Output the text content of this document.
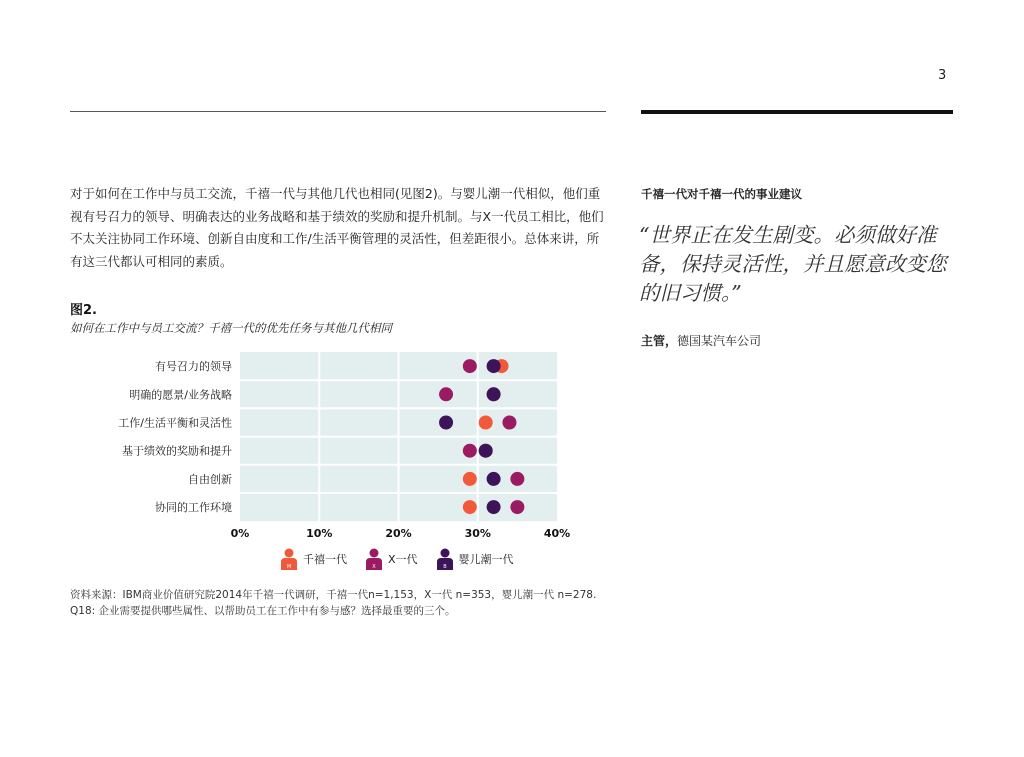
3
对于如何在工作中与员工交流，千禧一代与其他几代也相同(见图2)。与婴儿潮一代相似，他们重视有号召力的领导、明确表达的业务战略和基于绩效的奖励和提升机制。与X一代员工相比，他们不太关注协同工作环境、创新自由度和工作/生活平衡管理的灵活性，但差距很小。总体来讲，所有这三代都认可相同的素质。
图2.
如何在工作中与员工交流？千禧一代的优先任务与其他几代相同
0%	10%	20%	30%	40%
有号召力的领导
明确的愿景/业务战略
工作/生活平衡和灵活性
基于绩效的奖励和提升
自由创新
协同的工作环境
M
千禧一代
X
X一代
B
婴儿潮一代
资料来源：IBM商业价值研究院2014年千禧一代调研，千禧一代n=1,153，X一代 n=353，婴儿潮一代 n=278. Q18: 企业需要提供哪些属性、以帮助员工在工作中有参与感？选择最重要的三个。
千禧一代对千禧一代的事业建议
“世界正在发生剧变。必须做好准备，保持灵活性，并且愿意改变您的旧习惯。”
主管，德国某汽车公司
